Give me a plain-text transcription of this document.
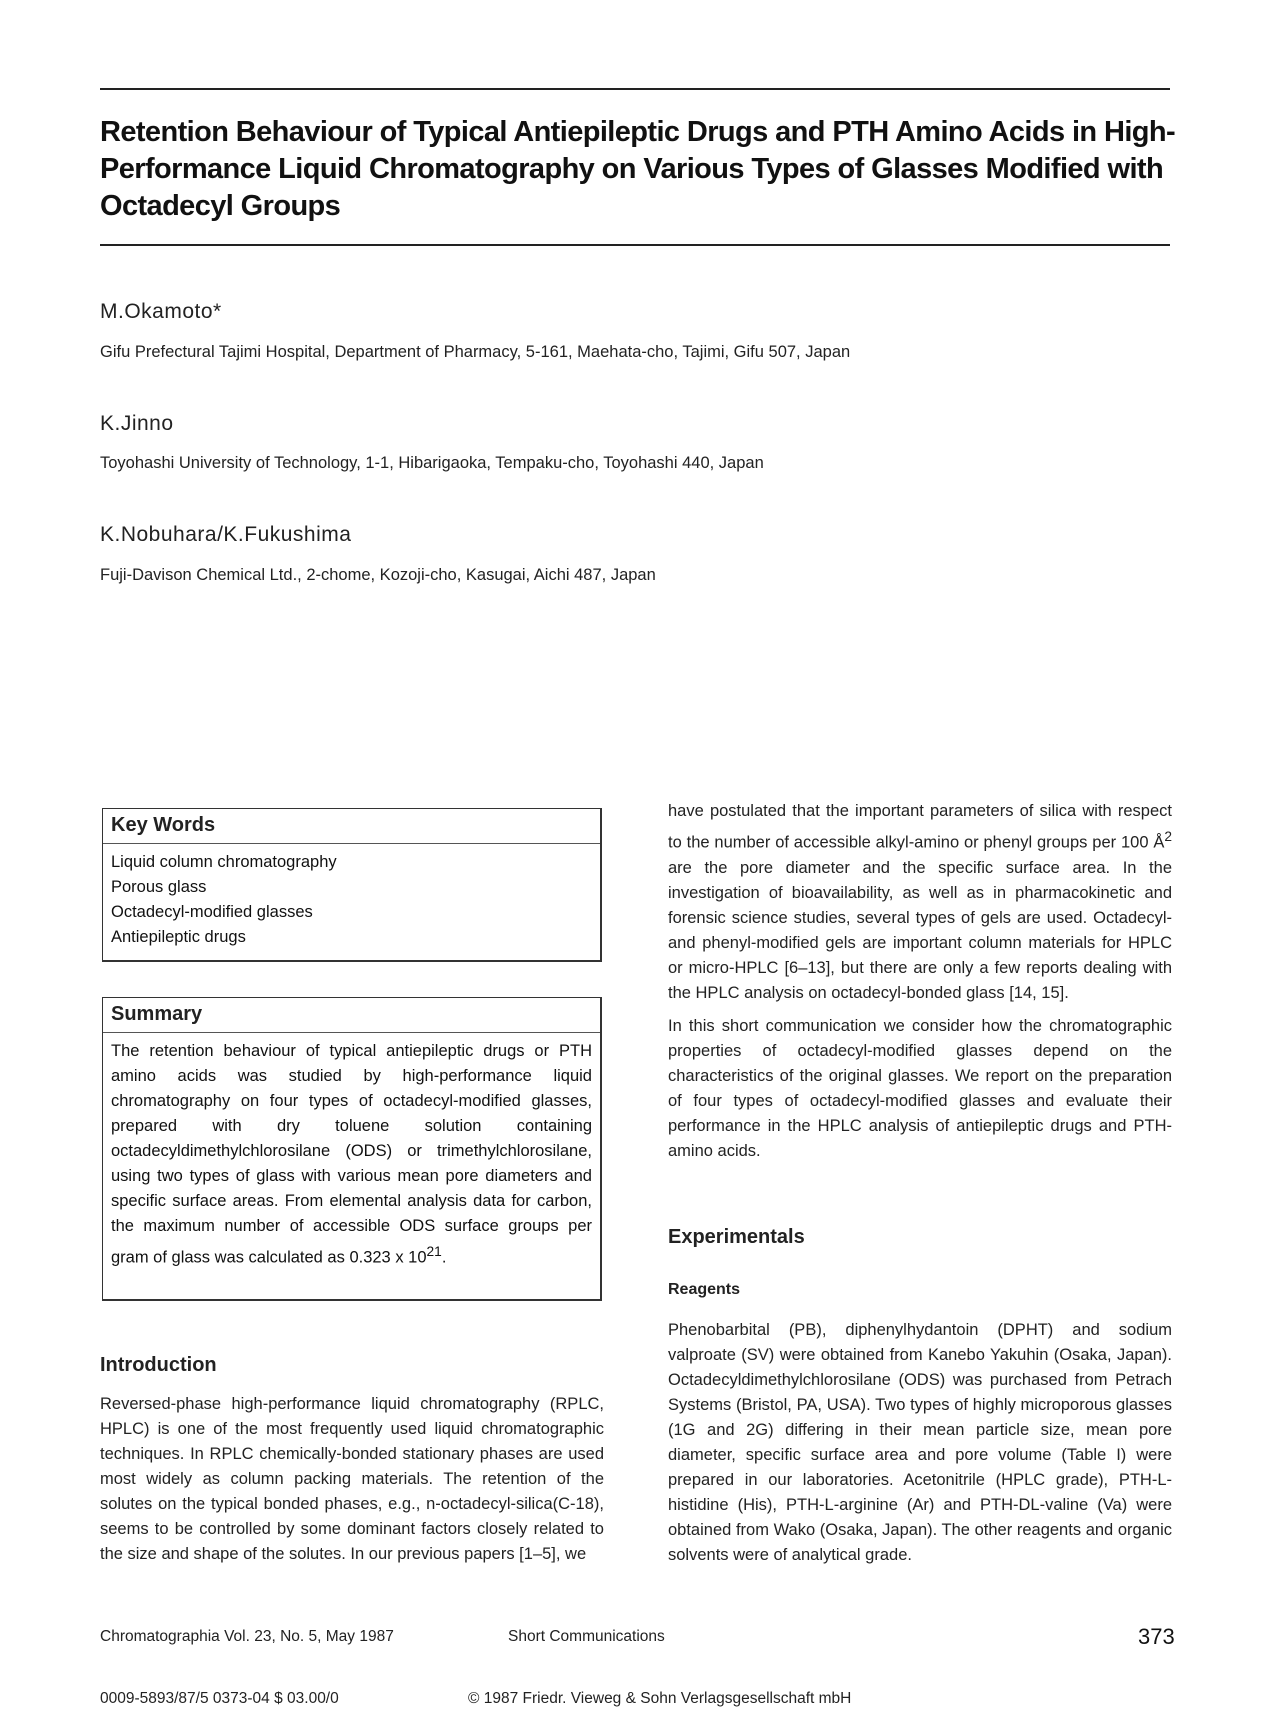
Retention Behaviour of Typical Antiepileptic Drugs and PTH Amino Acids in High-Performance Liquid Chromatography on Various Types of Glasses Modified with Octadecyl Groups
M.Okamoto*
Gifu Prefectural Tajimi Hospital, Department of Pharmacy, 5-161, Maehata-cho, Tajimi, Gifu 507, Japan
K.Jinno
Toyohashi University of Technology, 1-1, Hibarigaoka, Tempaku-cho, Toyohashi 440, Japan
K.Nobuhara/K.Fukushima
Fuji-Davison Chemical Ltd., 2-chome, Kozoji-cho, Kasugai, Aichi 487, Japan
Key Words
Liquid column chromatography
Porous glass
Octadecyl-modified glasses
Antiepileptic drugs
Summary

The retention behaviour of typical antiepileptic drugs or PTH amino acids was studied by high-performance liquid chromatography on four types of octadecyl-modified glasses, prepared with dry toluene solution containing octadecyldimethylchlorosilane (ODS) or trimethylchlorosilane, using two types of glass with various mean pore diameters and specific surface areas. From elemental analysis data for carbon, the maximum number of accessible ODS surface groups per gram of glass was calculated as 0.323 x $10^{21}$.

Introduction

Reversed-phase high-performance liquid chromatography (RPLC, HPLC) is one of the most frequently used liquid chromatographic techniques. In RPLC chemically-bonded stationary phases are used most widely as column packing materials. The retention of the solutes on the typical bonded phases, e.g., n-octadecyl-silica(C-18), seems to be controlled by some dominant factors closely related to the size and shape of the solutes. In our previous papers [1–5], we

have postulated that the important parameters of silica with respect to the number of accessible alkyl-amino or phenyl groups per 100 $Å^2$ are the pore diameter and the specific surface area. In the investigation of bioavailability, as well as in pharmacokinetic and forensic science studies, several types of gels are used. Octadecyl- and phenyl-modified gels are important column materials for HPLC or micro-HPLC [6–13], but there are only a few reports dealing with the HPLC analysis on octadecyl-bonded glass [14, 15].

In this short communication we consider how the chromatographic properties of octadecyl-modified glasses depend on the characteristics of the original glasses. We report on the preparation of four types of octadecyl-modified glasses and evaluate their performance in the HPLC analysis of antiepileptic drugs and PTH-amino acids.

Experimentals
Reagents

Phenobarbital (PB), diphenylhydantoin (DPHT) and sodium valproate (SV) were obtained from Kanebo Yakuhin (Osaka, Japan). Octadecyldimethylchlorosilane (ODS) was purchased from Petrach Systems (Bristol, PA, USA). Two types of highly microporous glasses (1G and 2G) differing in their mean particle size, mean pore diameter, specific surface area and pore volume (Table I) were prepared in our laboratories. Acetonitrile (HPLC grade), PTH-L-histidine (His), PTH-L-arginine (Ar) and PTH-DL-valine (Va) were obtained from Wako (Osaka, Japan). The other reagents and organic solvents were of analytical grade.

Chromatographia Vol. 23, No. 5, May 1987	Short Communications	373
0009-5893/87/5 0373-04 $ 03.00/0	© 1987 Friedr. Vieweg & Sohn Verlagsgesellschaft mbH
